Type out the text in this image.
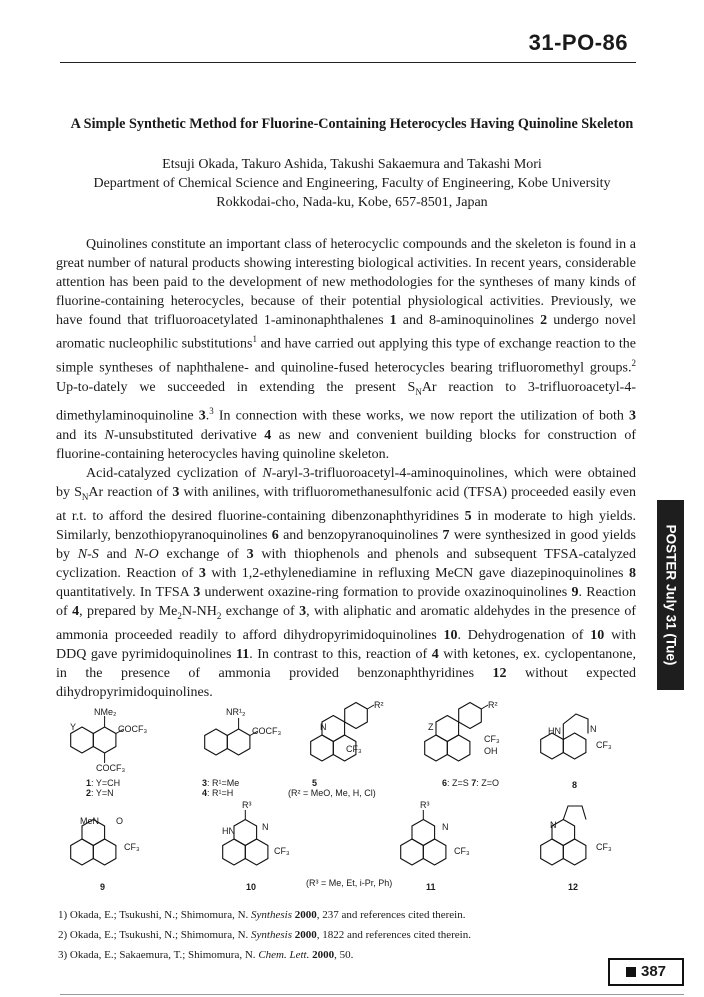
31-PO-86
A Simple Synthetic Method for Fluorine-Containing Heterocycles Having Quinoline Skeleton
Etsuji Okada, Takuro Ashida, Takushi Sakaemura and Takashi Mori
Department of Chemical Science and Engineering, Faculty of Engineering, Kobe University
Rokkodai-cho, Nada-ku, Kobe, 657-8501, Japan

Quinolines constitute an important class of heterocyclic compounds and the skeleton is found in a great number of natural products showing interesting biological activities. In recent years, considerable attention has been paid to the development of new methodologies for the syntheses of many kinds of fluorine-containing heterocycles, because of their potential physiological activities. Previously, we have found that trifluoroacetylated 1-aminonaphthalenes 1 and 8-aminoquinolines 2 undergo novel aromatic nucleophilic substitutions$^1$ and have carried out applying this type of exchange reaction to the simple syntheses of naphthalene- and quinoline-fused heterocycles bearing trifluoromethyl groups.$^2$ Up-to-dately we succeeded in extending the present $S_NAr$ reaction to 3-trifluoroacetyl-4-dimethylaminoquinoline 3.$^3$ In connection with these works, we now report the utilization of both 3 and its N-unsubstituted derivative 4 as new and convenient building blocks for construction of fluorine-containing heterocycles having quinoline skeleton.

Acid-catalyzed cyclization of N-aryl-3-trifluoroacetyl-4-aminoquinolines, which were obtained by $S_NAr$ reaction of 3 with anilines, with trifluoromethanesulfonic acid (TFSA) proceeded easily even at r.t. to afford the desired fluorine-containing dibenzonaphthyridines 5 in moderate to high yields. Similarly, benzothiopyranoquinolines 6 and benzopyranoquinolines 7 were synthesized in good yields by N-S and N-O exchange of 3 with thiophenols and phenols and subsequent TFSA-catalyzed cyclization. Reaction of 3 with 1,2-ethylenediamine in refluxing MeCN gave diazepinoquinolines 8 quantitatively. In TFSA 3 underwent oxazine-ring formation to provide oxazinoquinolines 9. Reaction of 4, prepared by $Me_2N-NH_2$ exchange of 3, with aliphatic and aromatic aldehydes in the presence of ammonia proceeded readily to afford dihydropyrimidoquinolines 10. Dehydrogenation of 10 with DDQ gave pyrimidoquinolines 11. In contrast to this, reaction of 4 with ketones, ex. cyclopentanone, in the presence of ammonia provided benzonaphthyridines 12 without expected dihydropyrimidoquinolines.

POSTER July 31 (Tue)
NMe₂
COCF₃
Y
COCF₃
1: Y=CH
2: Y=N
NR¹₂
COCF₃
3: R¹=Me
4: R¹=H
R²
CF₃
N
5
(R² = MeO, Me, H, Cl)
R²
Z
CF₃
OH
6: Z=S 7: Z=O
HN	N
CF₃
8
MeN O
CF₃
9
R³
HN	N
CF₃
10	(R³ = Me, Et, i-Pr, Ph)
R³
N
CF₃
11
N
CF₃
12
1) Okada, E.; Tsukushi, N.; Shimomura, N. Synthesis 2000, 237 and references cited therein.
2) Okada, E.; Tsukushi, N.; Shimomura, N. Synthesis 2000, 1822 and references cited therein.
3) Okada, E.; Sakaemura, T.; Shimomura, N. Chem. Lett. 2000, 50.
387
